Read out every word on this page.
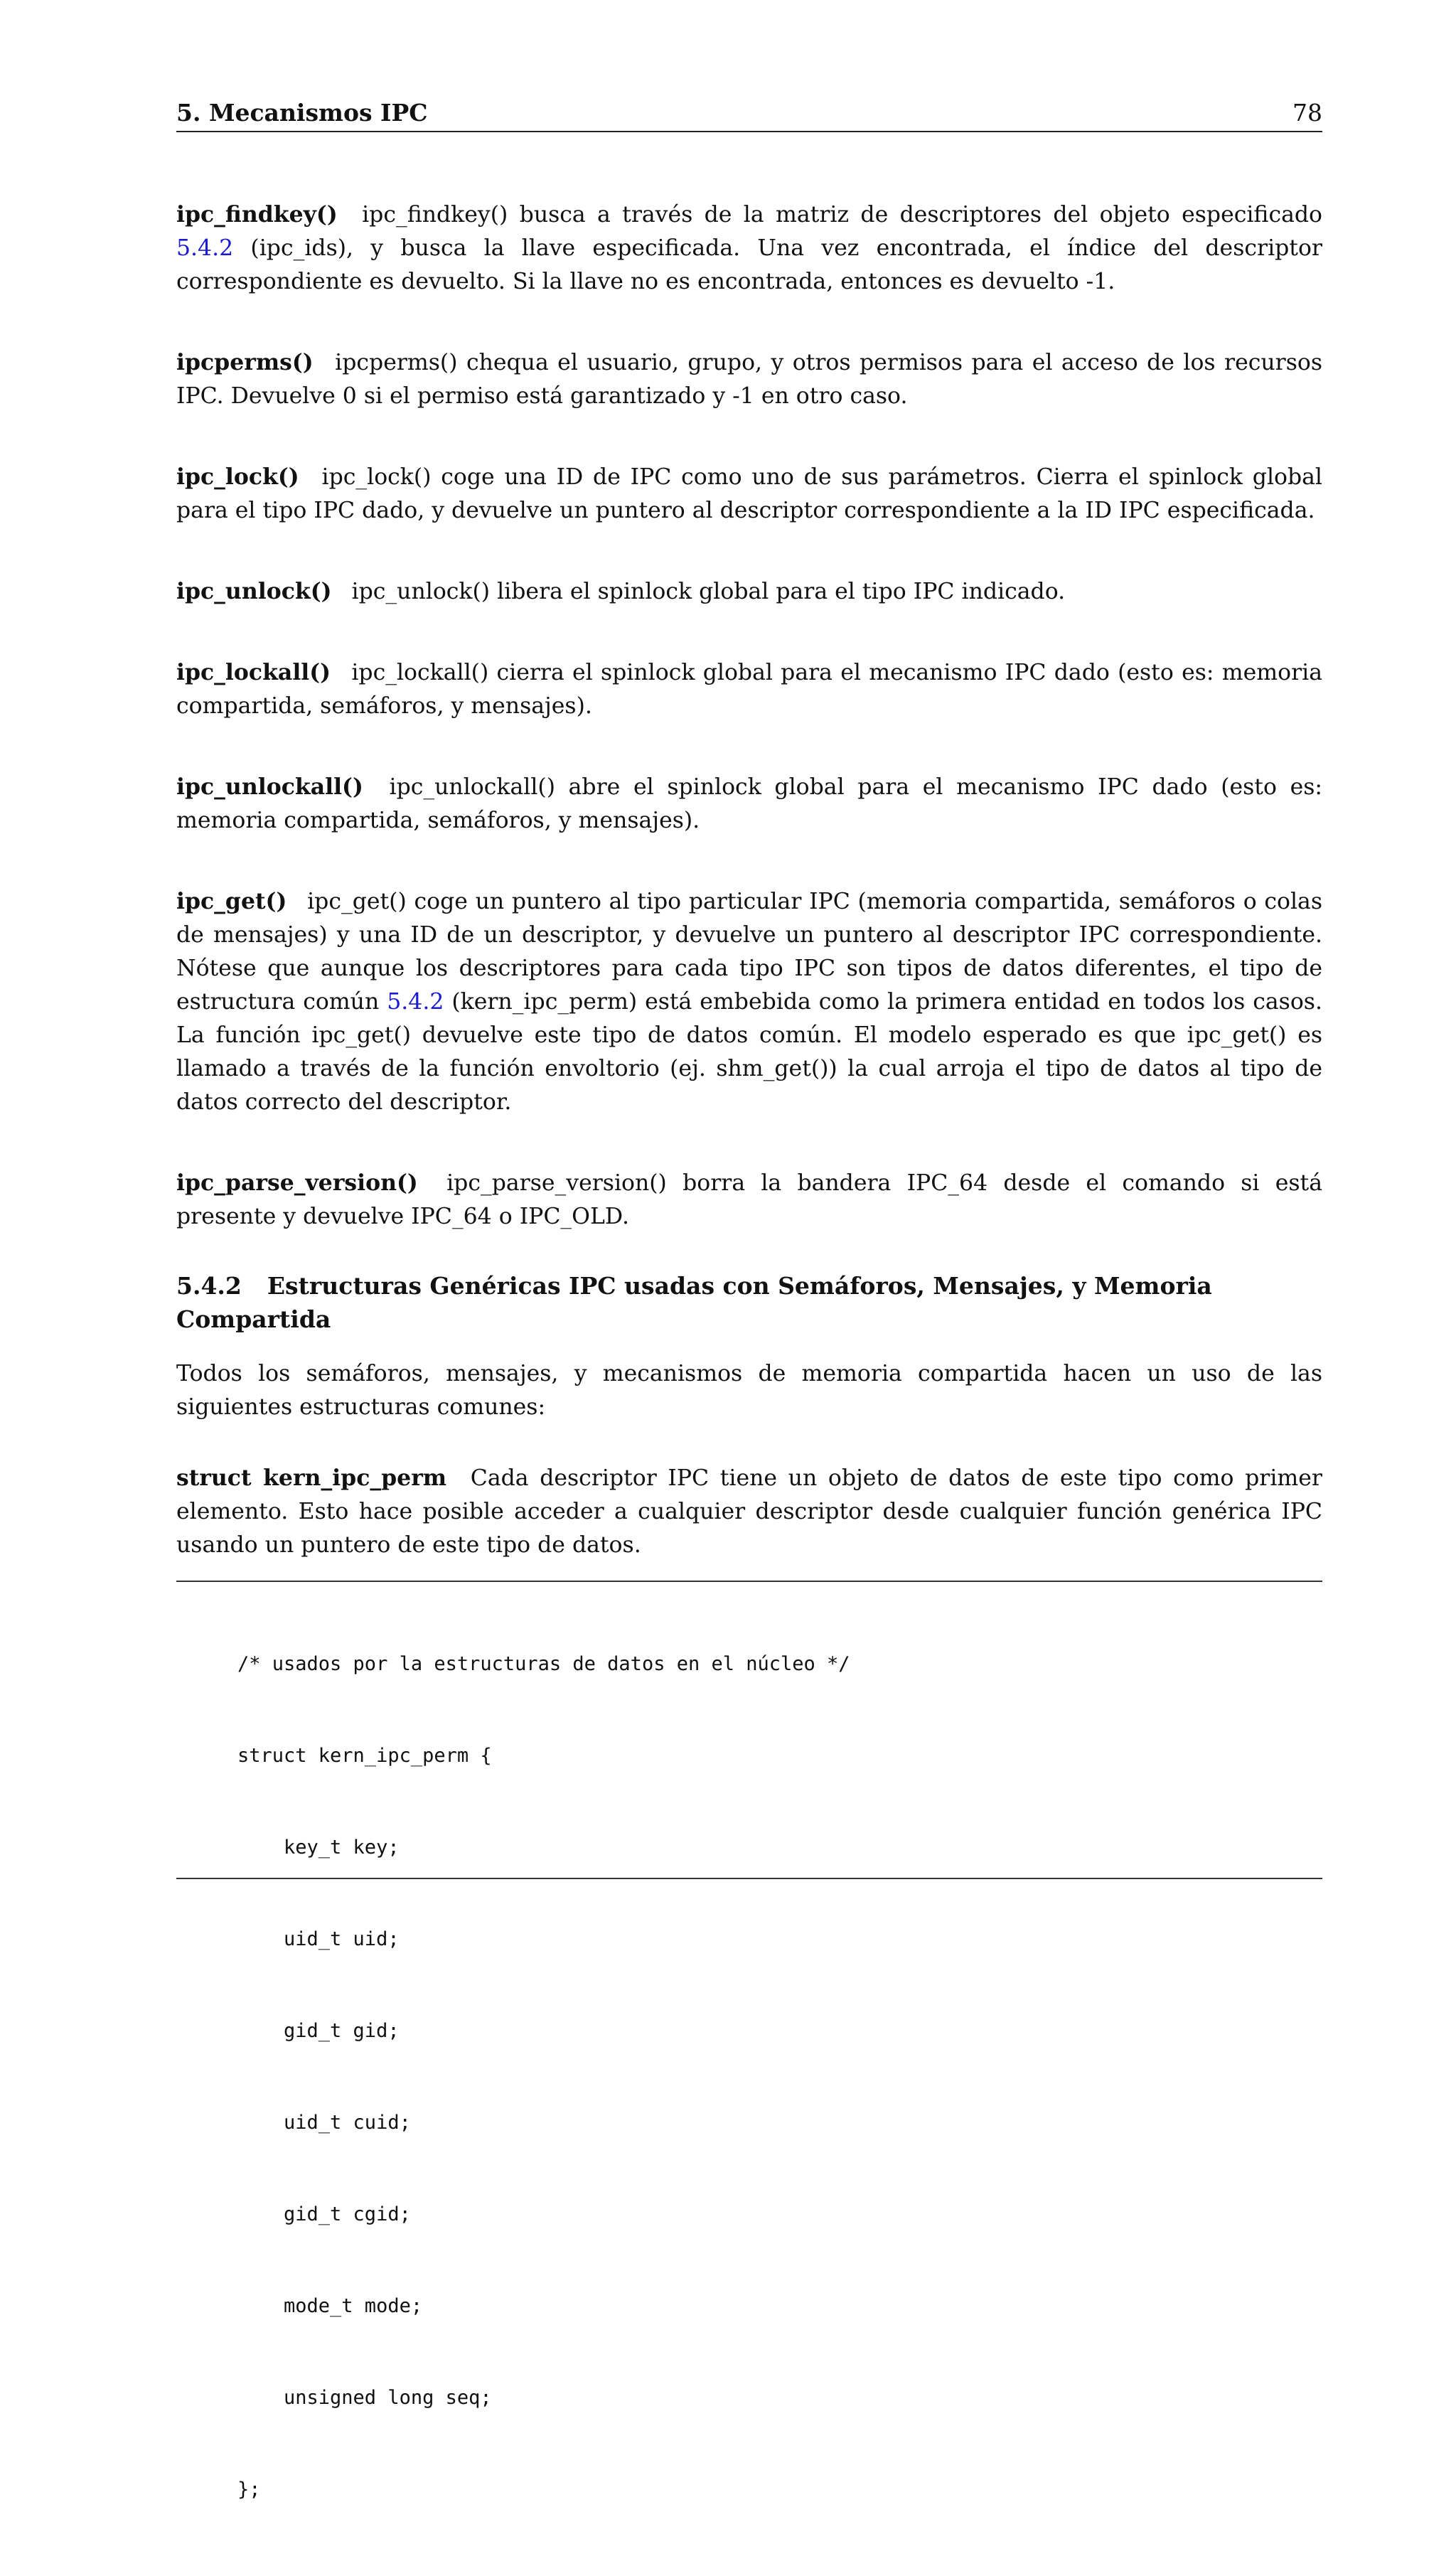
5. Mecanismos IPC	78
ipc_findkey() ipc_findkey() busca a través de la matriz de descriptores del objeto especificado 5.4.2 (ipc_ids), y busca la llave especificada. Una vez encontrada, el índice del descriptor correspondiente es devuelto. Si la llave no es encontrada, entonces es devuelto -1.
ipcperms() ipcperms() chequa el usuario, grupo, y otros permisos para el acceso de los recursos IPC. Devuelve 0 si el permiso está garantizado y -1 en otro caso.
ipc_lock() ipc_lock() coge una ID de IPC como uno de sus parámetros. Cierra el spinlock global para el tipo IPC dado, y devuelve un puntero al descriptor correspondiente a la ID IPC especificada.
ipc_unlock() ipc_unlock() libera el spinlock global para el tipo IPC indicado.
ipc_lockall() ipc_lockall() cierra el spinlock global para el mecanismo IPC dado (esto es: memoria compartida, semáforos, y mensajes).
ipc_unlockall() ipc_unlockall() abre el spinlock global para el mecanismo IPC dado (esto es: memoria compartida, semáforos, y mensajes).
ipc_get() ipc_get() coge un puntero al tipo particular IPC (memoria compartida, semáforos o colas de mensajes) y una ID de un descriptor, y devuelve un puntero al descriptor IPC correspondiente. Nótese que aunque los descriptores para cada tipo IPC son tipos de datos diferentes, el tipo de estructura común 5.4.2 (kern_ipc_perm) está embebida como la primera entidad en todos los casos. La función ipc_get() devuelve este tipo de datos común. El modelo esperado es que ipc_get() es llamado a través de la función envoltorio (ej. shm_get()) la cual arroja el tipo de datos al tipo de datos correcto del descriptor.
ipc_parse_version() ipc_parse_version() borra la bandera IPC_64 desde el comando si está presente y devuelve IPC_64 o IPC_OLD.
5.4.2 Estructuras Genéricas IPC usadas con Semáforos, Mensajes, y Memoria Compartida
Todos los semáforos, mensajes, y mecanismos de memoria compartida hacen un uso de las siguientes estructuras comunes:
struct kern_ipc_perm Cada descriptor IPC tiene un objeto de datos de este tipo como primer elemento. Esto hace posible acceder a cualquier descriptor desde cualquier función genérica IPC usando un puntero de este tipo de datos.

/* usados por la estructuras de datos en el núcleo */

struct kern_ipc_perm {

key_t key;

uid_t uid;

gid_t gid;

uid_t cuid;

gid_t cgid;

mode_t mode;

unsigned long seq;

};
